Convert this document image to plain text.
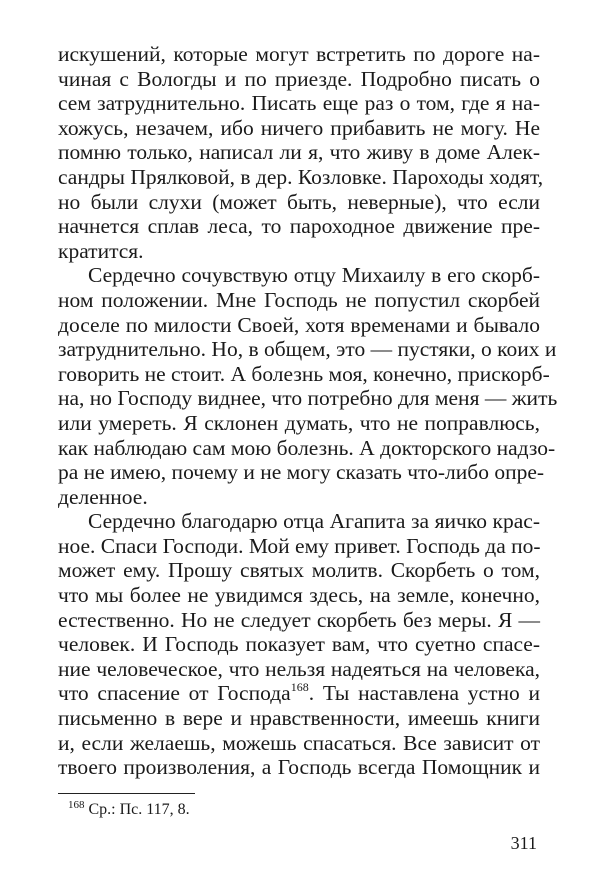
искушений, которые могут встретить по дороге на-
чиная с Вологды и по приезде. Подробно писать о
сем затруднительно. Писать еще раз о том, где я на-
хожусь, незачем, ибо ничего прибавить не могу. Не
помню только, написал ли я, что живу в доме Алек-
сандры Прялковой, в дер. Козловке. Пароходы ходят,
но были слухи (может быть, неверные), что если
начнется сплав леса, то пароходное движение пре-
кратится.
Сердечно сочувствую отцу Михаилу в его скорб-
ном положении. Мне Господь не попустил скорбей
доселе по милости Своей, хотя временами и бывало
затруднительно. Но, в общем, это — пустяки, о коих и
говорить не стоит. А болезнь моя, конечно, прискорб-
на, но Господу виднее, что потребно для меня — жить
или умереть. Я склонен думать, что не поправлюсь,
как наблюдаю сам мою болезнь. А докторского надзо-
ра не имею, почему и не могу сказать что-либо опре-
деленное.
Сердечно благодарю отца Агапита за яичко крас-
ное. Спаси Господи. Мой ему привет. Господь да по-
может ему. Прошу святых молитв. Скорбеть о том,
что мы более не увидимся здесь, на земле, конечно,
естественно. Но не следует скорбеть без меры. Я —
человек. И Господь показует вам, что суетно спасе-
ние человеческое, что нельзя надеяться на человека,
что спасение от Господа$^{168}$. Ты наставлена устно и
письменно в вере и нравственности, имеешь книги
и, если желаешь, можешь спасаться. Все зависит от
твоего произволения, а Господь всегда Помощник и
$^{168}$ Ср.: Пс. 117, 8.
311
